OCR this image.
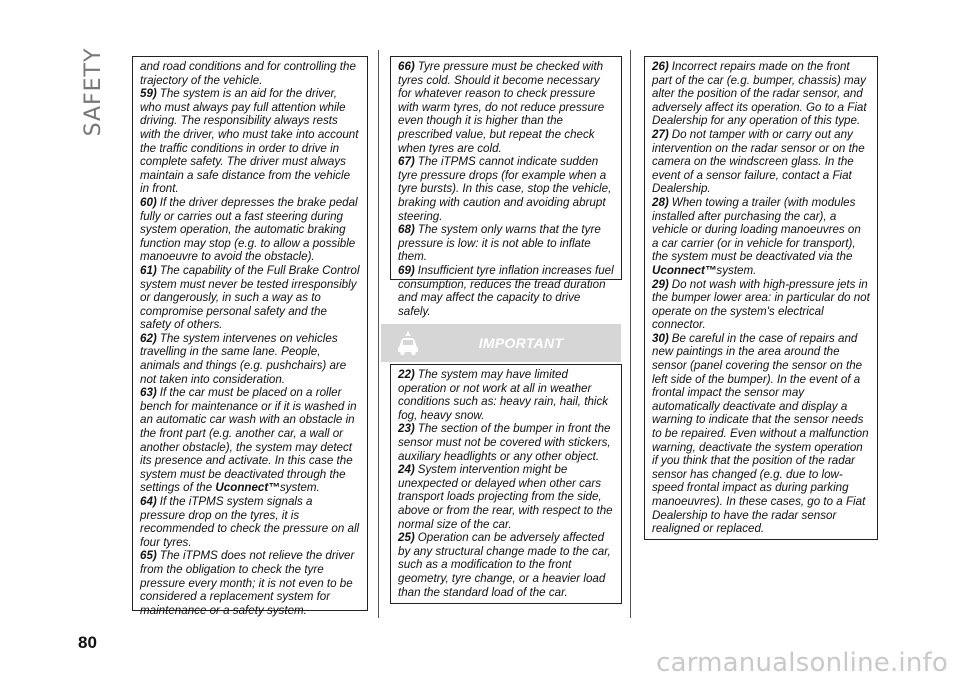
SAFETY	and road conditions and for controlling the trajectory of the vehicle.

59) The system is an aid for the driver, who must always pay full attention while driving. The responsibility always rests with the driver, who must take into account the traffic conditions in order to drive in complete safety. The driver must always maintain a safe distance from the vehicle in front.

60) If the driver depresses the brake pedal fully or carries out a fast steering during system operation, the automatic braking function may stop (e.g. to allow a possible manoeuvre to avoid the obstacle).

61) The capability of the Full Brake Control system must never be tested irresponsibly or dangerously, in such a way as to compromise personal safety and the safety of others.

62) The system intervenes on vehicles travelling in the same lane. People, animals and things (e.g. pushchairs) are not taken into consideration.

63) If the car must be placed on a roller bench for maintenance or if it is washed in an automatic car wash with an obstacle in the front part (e.g. another car, a wall or another obstacle), the system may detect its presence and activate. In this case the system must be deactivated through the settings of the Uconnect™system.

64) If the iTPMS system signals a pressure drop on the tyres, it is recommended to check the pressure on all four tyres.

65) The iTPMS does not relieve the driver from the obligation to check the tyre pressure every month; it is not even to be considered a replacement system for maintenance or a safety system.

66) Tyre pressure must be checked with tyres cold. Should it become necessary for whatever reason to check pressure with warm tyres, do not reduce pressure even though it is higher than the prescribed value, but repeat the check when tyres are cold.

67) The iTPMS cannot indicate sudden tyre pressure drops (for example when a tyre bursts). In this case, stop the vehicle, braking with caution and avoiding abrupt steering.

68) The system only warns that the tyre pressure is low: it is not able to inflate them.

69) Insufficient tyre inflation increases fuel consumption, reduces the tread duration and may affect the capacity to drive safely.

IMPORTANT

22) The system may have limited operation or not work at all in weather conditions such as: heavy rain, hail, thick fog, heavy snow.

23) The section of the bumper in front the sensor must not be covered with stickers, auxiliary headlights or any other object.

24) System intervention might be unexpected or delayed when other cars transport loads projecting from the side, above or from the rear, with respect to the normal size of the car.

25) Operation can be adversely affected by any structural change made to the car, such as a modification to the front geometry, tyre change, or a heavier load than the standard load of the car.

26) Incorrect repairs made on the front part of the car (e.g. bumper, chassis) may alter the position of the radar sensor, and adversely affect its operation. Go to a Fiat Dealership for any operation of this type.

27) Do not tamper with or carry out any intervention on the radar sensor or on the camera on the windscreen glass. In the event of a sensor failure, contact a Fiat Dealership.

28) When towing a trailer (with modules installed after purchasing the car), a vehicle or during loading manoeuvres on a car carrier (or in vehicle for transport), the system must be deactivated via the Uconnect™system.

29) Do not wash with high-pressure jets in the bumper lower area: in particular do not operate on the system's electrical connector.

30) Be careful in the case of repairs and new paintings in the area around the sensor (panel covering the sensor on the left side of the bumper). In the event of a frontal impact the sensor may automatically deactivate and display a warning to indicate that the sensor needs to be repaired. Even without a malfunction warning, deactivate the system operation if you think that the position of the radar sensor has changed (e.g. due to low-speed frontal impact as during parking manoeuvres). In these cases, go to a Fiat Dealership to have the radar sensor realigned or replaced.

80
carmanualsonline.info
